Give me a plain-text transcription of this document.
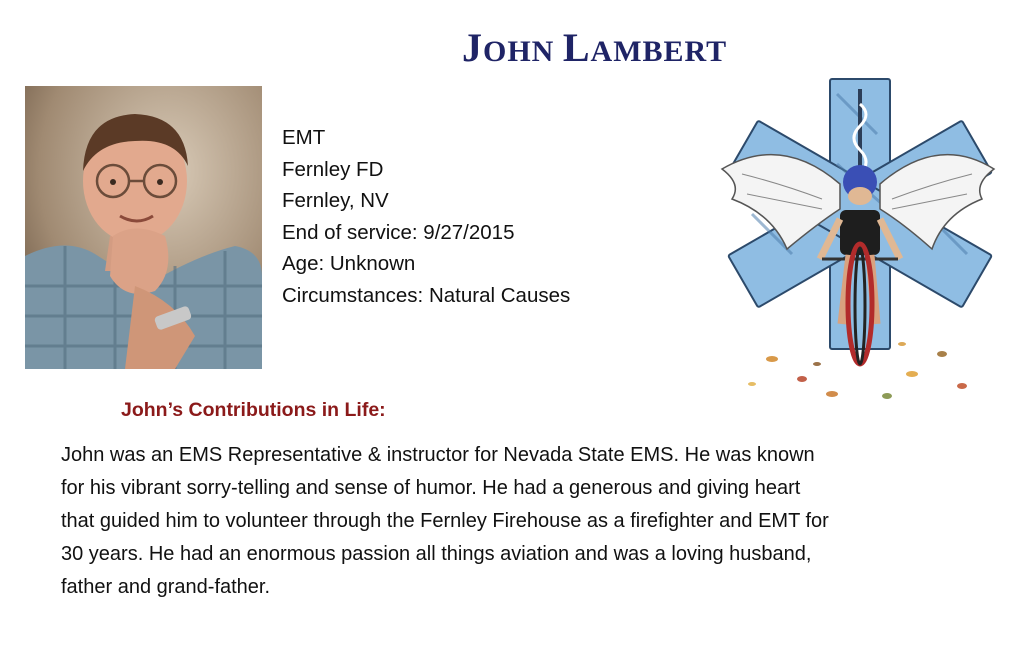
JOHN LAMBERT
EMT
Fernley FD
Fernley, NV
End of service: 9/27/2015
Age: Unknown
Circumstances: Natural Causes
John’s Contributions in Life:
John was an EMS Representative & instructor for Nevada State EMS. He was known
for his vibrant sorry-telling and sense of humor. He had a generous and giving heart
that guided him to volunteer through the Fernley Firehouse as a firefighter and EMT for
30 years. He had an enormous passion all things aviation and was a loving husband,
father and grand-father.
